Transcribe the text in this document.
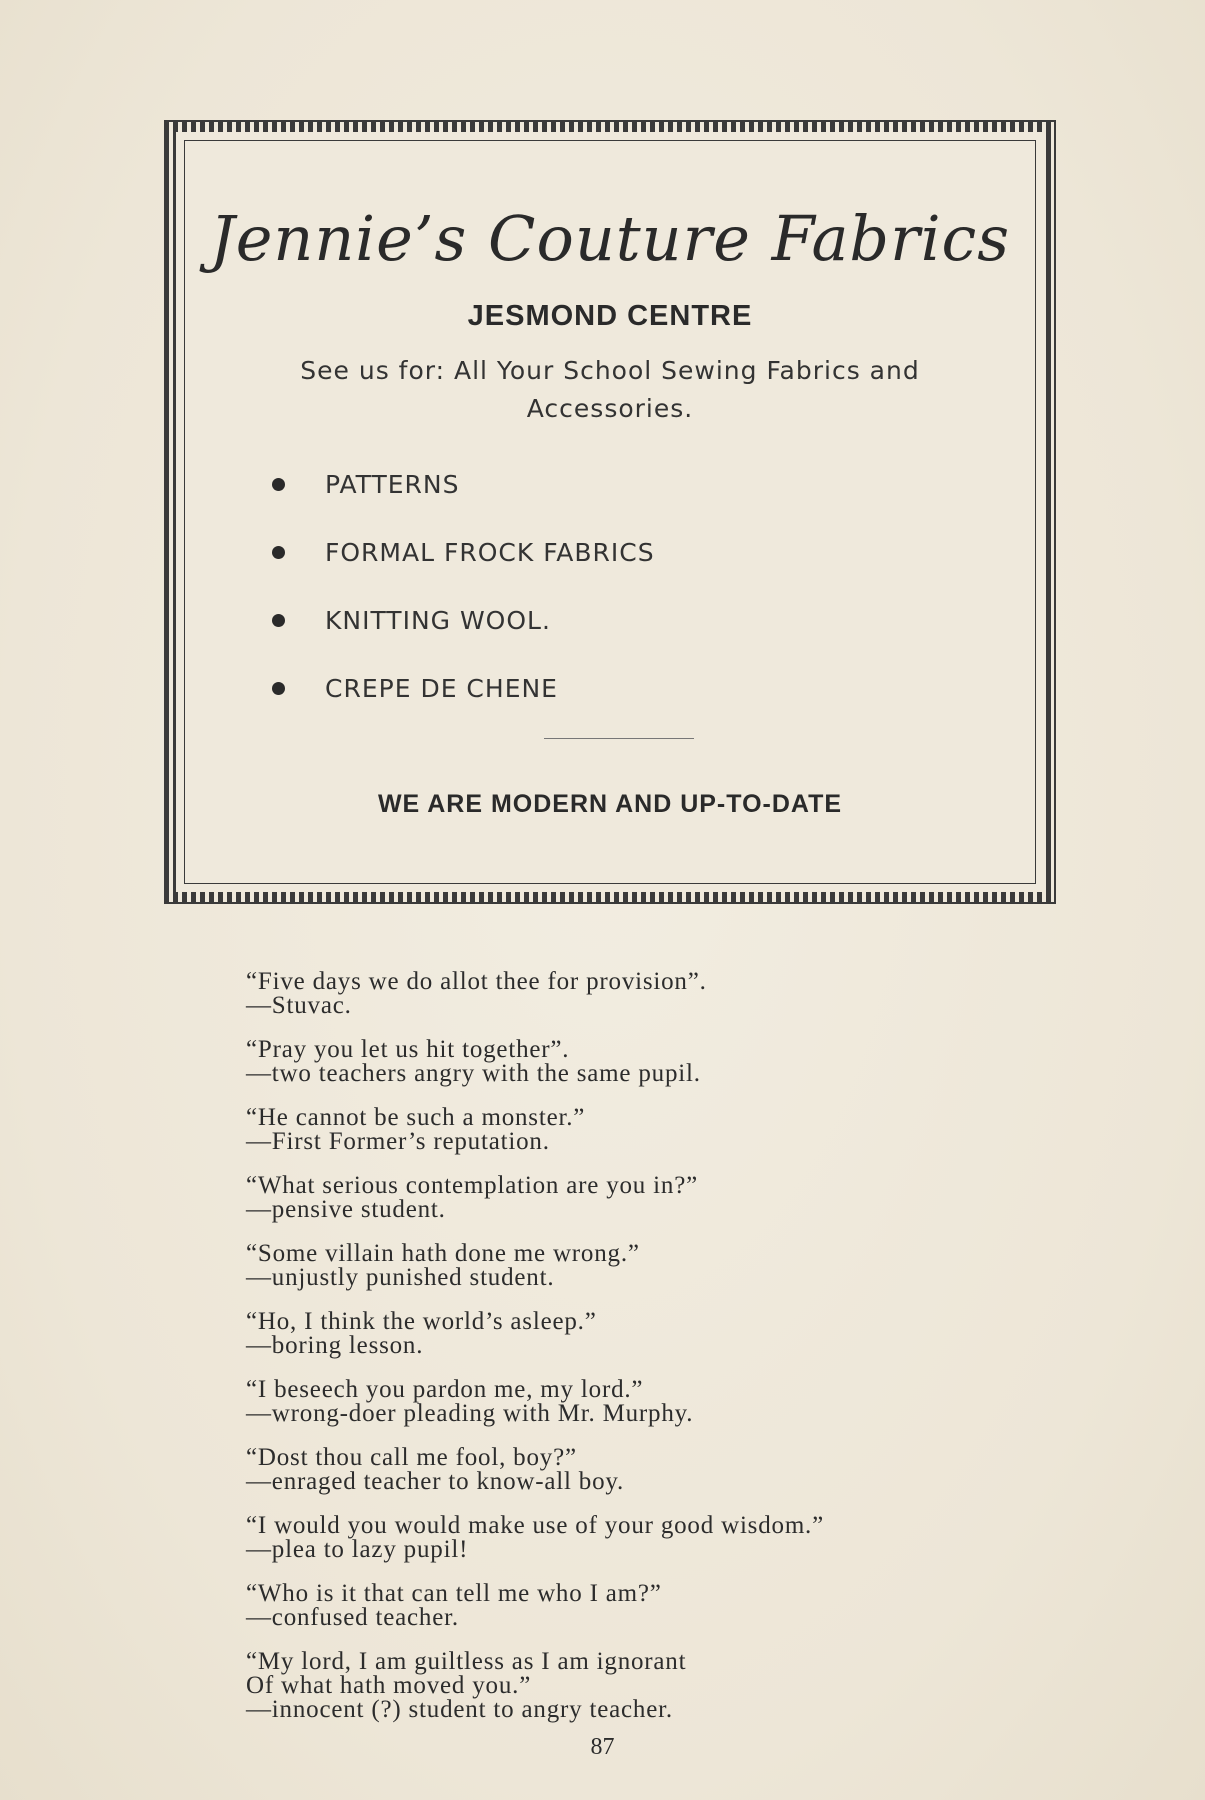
Jennie’s Couture Fabrics
JESMOND CENTRE
See us for: All Your School Sewing Fabrics and Accessories.
PATTERNS
FORMAL FROCK FABRICS
KNITTING WOOL.
CREPE DE CHENE
WE ARE MODERN AND UP-TO-DATE
“Five days we do allot thee for provision”.
—Stuvac.
“Pray you let us hit together”.
—two teachers angry with the same pupil.
“He cannot be such a monster.”
—First Former’s reputation.
“What serious contemplation are you in?”
—pensive student.
“Some villain hath done me wrong.”
—unjustly punished student.
“Ho, I think the world’s asleep.”
—boring lesson.
“I beseech you pardon me, my lord.”
—wrong-doer pleading with Mr. Murphy.
“Dost thou call me fool, boy?”
—enraged teacher to know-all boy.
“I would you would make use of your good wisdom.”
—plea to lazy pupil!
“Who is it that can tell me who I am?”
—confused teacher.
“My lord, I am guiltless as I am ignorant
Of what hath moved you.”
—innocent (?) student to angry teacher.
87
